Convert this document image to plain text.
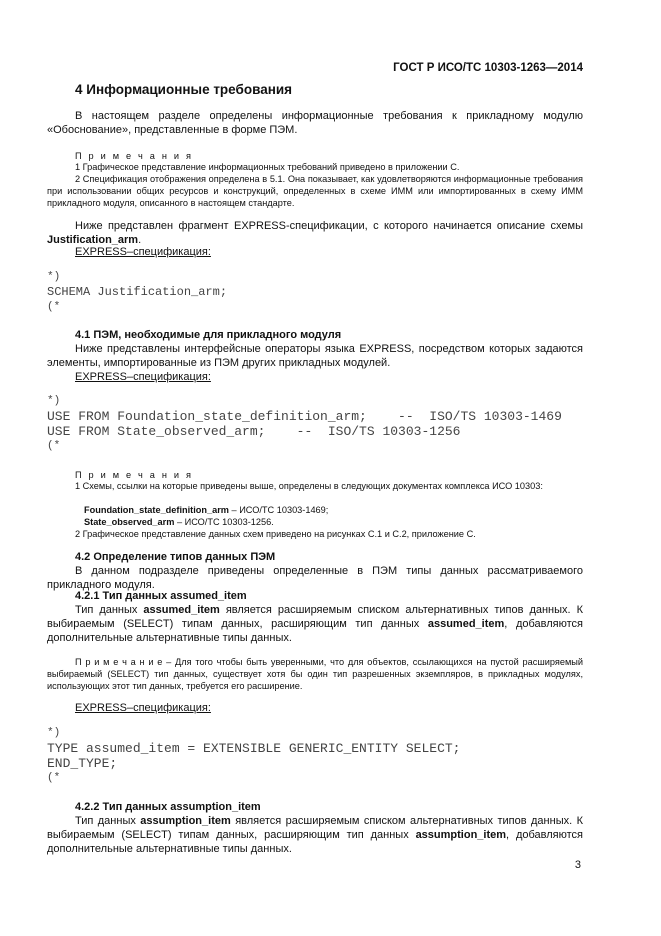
ГОСТ Р ИСО/ТС 10303-1263—2014
4 Информационные требования
В настоящем разделе определены информационные требования к прикладному модулю «Обоснование», представленные в форме ПЭМ.
П р и м е ч а н и я
1 Графическое представление информационных требований приведено в приложении С.
2 Спецификация отображения определена в 5.1. Она показывает, как удовлетворяются информационные требования при использовании общих ресурсов и конструкций, определенных в схеме ИММ или импортированных в схему ИММ прикладного модуля, описанного в настоящем стандарте.
Ниже представлен фрагмент EXPRESS-спецификации, с которого начинается описание схемы Justification_arm.
EXPRESS–спецификация:
*)
SCHEMA Justification_arm;
(*
4.1 ПЭМ, необходимые для прикладного модуля
Ниже представлены интерфейсные операторы языка EXPRESS, посредством которых задаются элементы, импортированные из ПЭМ других прикладных модулей.
EXPRESS–спецификация:
*)
USE FROM Foundation_state_definition_arm;    --  ISO/TS 10303-1469
USE FROM State_observed_arm;    --  ISO/TS 10303-1256
(*
П р и м е ч а н и я
1 Схемы, ссылки на которые приведены выше, определены в следующих документах комплекса ИСО 10303:
Foundation_state_definition_arm – ИСО/ТС 10303-1469;
State_observed_arm – ИСО/ТС 10303-1256.
2 Графическое представление данных схем приведено на рисунках С.1 и С.2, приложение С.
4.2 Определение типов данных ПЭМ
В данном подразделе приведены определенные в ПЭМ типы данных рассматриваемого прикладного модуля.
4.2.1 Тип данных assumed_item
Тип данных assumed_item является расширяемым списком альтернативных типов данных. К выбираемым (SELECT) типам данных, расширяющим тип данных assumed_item, добавляются дополнительные альтернативные типы данных.
П р и м е ч а н и е – Для того чтобы быть уверенными, что для объектов, ссылающихся на пустой расширяемый выбираемый (SELECT) тип данных, существует хотя бы один тип разрешенных экземпляров, в прикладных модулях, использующих этот тип данных, требуется его расширение.
EXPRESS–спецификация:
*)
TYPE assumed_item = EXTENSIBLE GENERIC_ENTITY SELECT;
END_TYPE;
(*
4.2.2 Тип данных assumption_item
Тип данных assumption_item является расширяемым списком альтернативных типов данных. К выбираемым (SELECT) типам данных, расширяющим тип данных assumption_item, добавляются дополнительные альтернативные типы данных.
3
